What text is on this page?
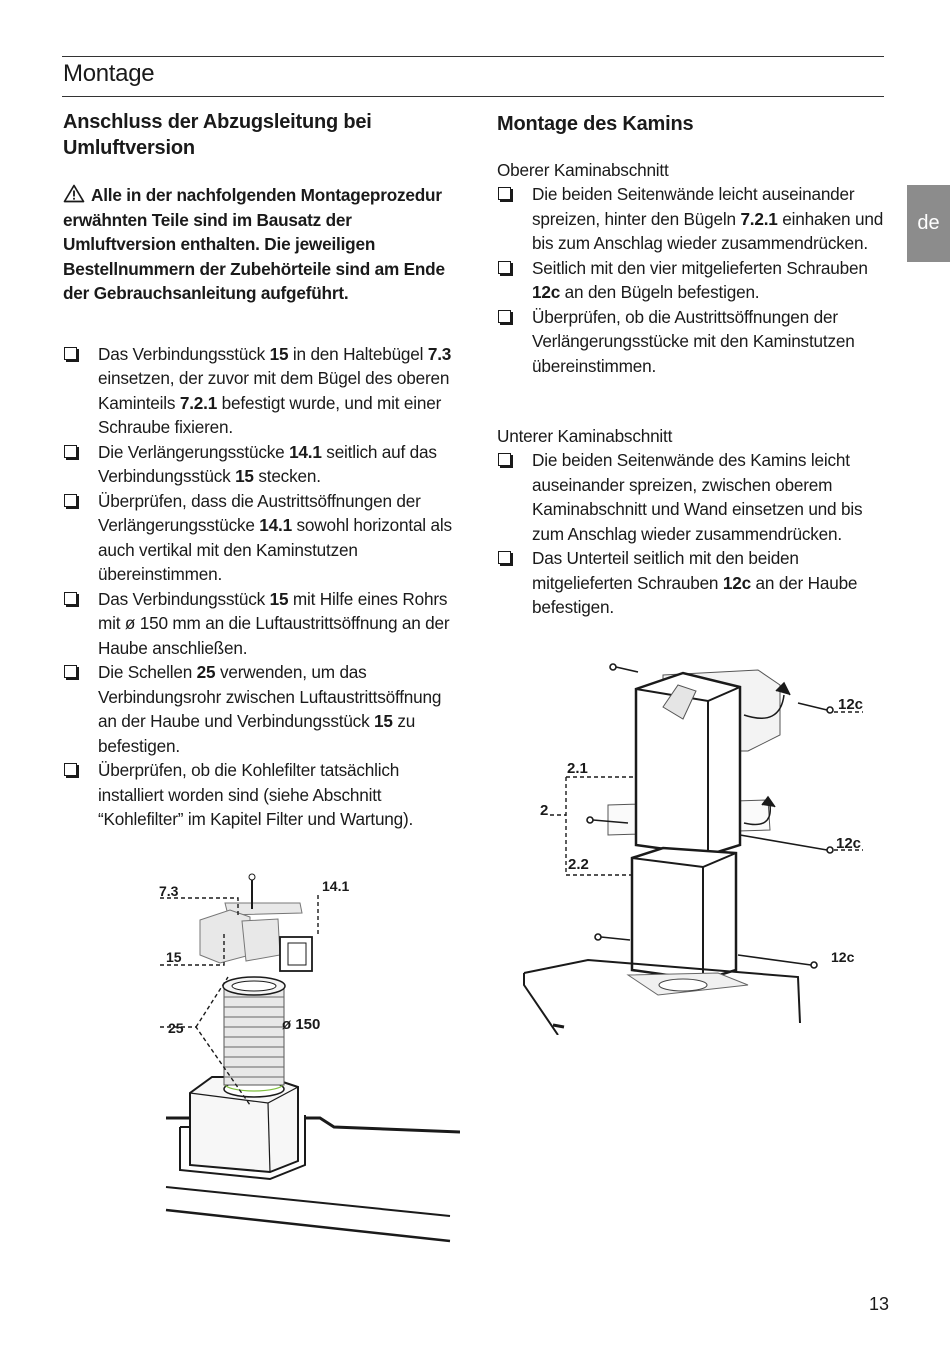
Montage
de
Anschluss der Abzugsleitung bei Umluftversion
Alle in der nachfolgenden Montageprozedur erwähnten Teile sind im Bausatz der Umluftversion enthalten. Die jeweiligen Bestellnummern der Zubehörteile sind am Ende der Gebrauchsanleitung aufgeführt.
Das Verbindungsstück 15 in den Haltebügel 7.3 einsetzen, der zuvor mit dem Bügel des oberen Kaminteils 7.2.1 befestigt wurde, und mit einer Schraube fixieren.
Die Verlängerungsstücke 14.1 seitlich auf das Verbindungsstück 15 stecken.
Überprüfen, dass die Austrittsöffnungen der Verlängerungsstücke 14.1 sowohl horizontal als auch vertikal mit den Kaminstutzen übereinstimmen.
Das Verbindungsstück 15 mit Hilfe eines Rohrs mit ø 150 mm an die Luftaustrittsöffnung an der Haube anschließen.
Die Schellen 25 verwenden, um das Verbindungsrohr zwischen Luftaustrittsöffnung an der Haube und Verbindungsstück 15 zu befestigen.
Überprüfen, ob die Kohlefilter tatsächlich installiert worden sind (siehe Abschnitt “Kohlefilter” im Kapitel Filter und Wartung).
Montage des Kamins
Oberer Kaminabschnitt
Die beiden Seitenwände leicht auseinander spreizen, hinter den Bügeln 7.2.1 einhaken und bis zum Anschlag wieder zusammendrücken.
Seitlich mit den vier mitgelieferten Schrauben 12c an den Bügeln befestigen.
Überprüfen, ob die Austrittsöffnungen der Verlängerungsstücke mit den Kaminstutzen übereinstimmen.
Unterer Kaminabschnitt
Die beiden Seitenwände des Kamins leicht auseinander spreizen, zwischen oberem Kaminabschnitt und Wand einsetzen und bis zum Anschlag wieder zusammendrücken.
Das Unterteil seitlich mit den beiden mitgelieferten Schrauben 12c an der Haube befestigen.
7.3	14.1
15
25	ø 150
12c
2.1
2
12c
2.2
12c
13
